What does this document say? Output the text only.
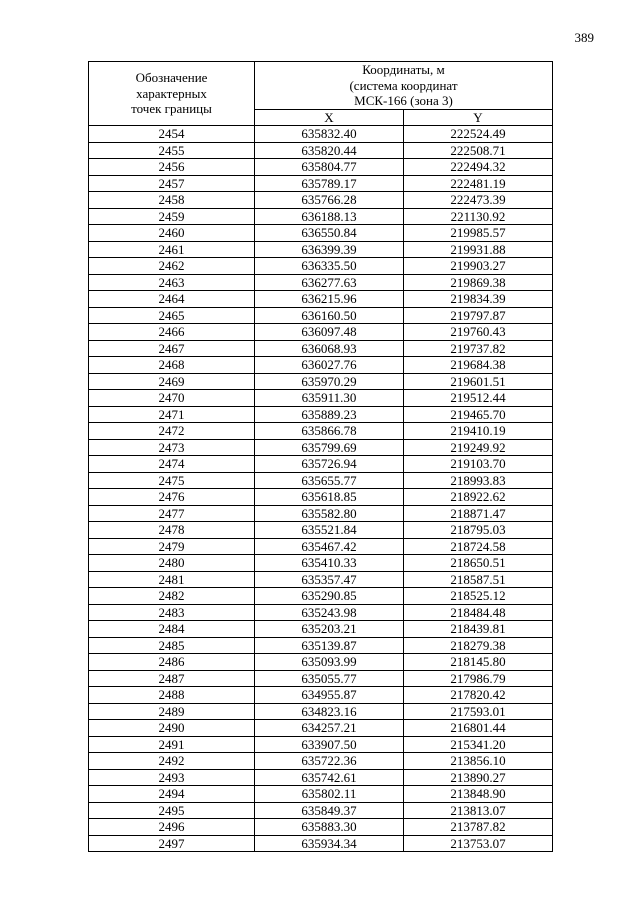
389
Обозначение
характерных
точек границы	Координаты, м
(система координат
МСК-166 (зона 3)	

	X	Y
2454	635832.40	222524.49
2455	635820.44	222508.71
2456	635804.77	222494.32
2457	635789.17	222481.19
2458	635766.28	222473.39
2459	636188.13	221130.92
2460	636550.84	219985.57
2461	636399.39	219931.88
2462	636335.50	219903.27
2463	636277.63	219869.38
2464	636215.96	219834.39
2465	636160.50	219797.87
2466	636097.48	219760.43
2467	636068.93	219737.82
2468	636027.76	219684.38
2469	635970.29	219601.51
2470	635911.30	219512.44
2471	635889.23	219465.70
2472	635866.78	219410.19
2473	635799.69	219249.92
2474	635726.94	219103.70
2475	635655.77	218993.83
2476	635618.85	218922.62
2477	635582.80	218871.47
2478	635521.84	218795.03
2479	635467.42	218724.58
2480	635410.33	218650.51
2481	635357.47	218587.51
2482	635290.85	218525.12
2483	635243.98	218484.48
2484	635203.21	218439.81
2485	635139.87	218279.38
2486	635093.99	218145.80
2487	635055.77	217986.79
2488	634955.87	217820.42
2489	634823.16	217593.01
2490	634257.21	216801.44
2491	633907.50	215341.20
2492	635722.36	213856.10
2493	635742.61	213890.27
2494	635802.11	213848.90
2495	635849.37	213813.07
2496	635883.30	213787.82
2497	635934.34	213753.07
